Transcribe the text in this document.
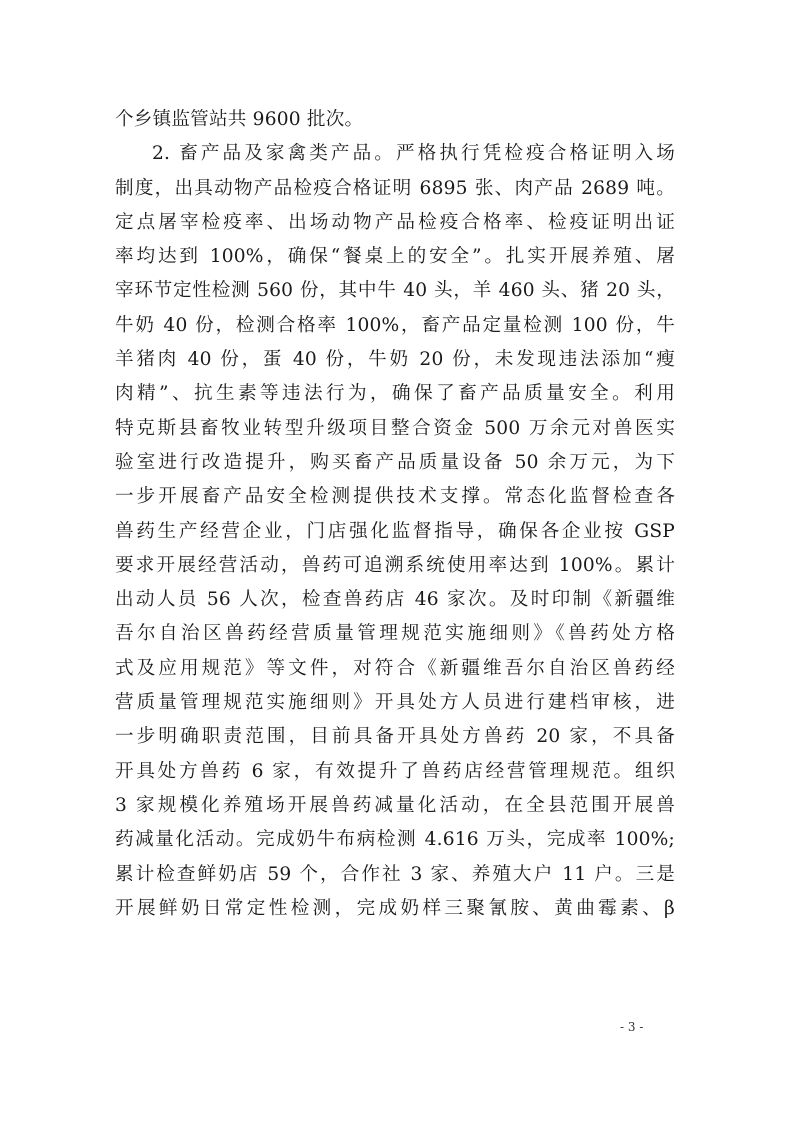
个乡镇监管站共 9600 批次。
2. 畜产品及家禽类产品。严格执行凭检疫合格证明入场
制度，出具动物产品检疫合格证明 6895 张、肉产品 2689 吨。
定点屠宰检疫率、出场动物产品检疫合格率、检疫证明出证
率均达到 100%，确保“餐桌上的安全”。扎实开展养殖、屠
宰环节定性检测 560 份，其中牛 40 头，羊 460 头、猪 20 头，
牛奶 40 份，检测合格率 100%，畜产品定量检测 100 份，牛
羊猪肉 40 份，蛋 40 份，牛奶 20 份，未发现违法添加“瘦
肉精”、抗生素等违法行为，确保了畜产品质量安全。利用
特克斯县畜牧业转型升级项目整合资金 500 万余元对兽医实
验室进行改造提升，购买畜产品质量设备 50 余万元，为下
一步开展畜产品安全检测提供技术支撑。常态化监督检查各
兽药生产经营企业，门店强化监督指导，确保各企业按 GSP
要求开展经营活动，兽药可追溯系统使用率达到 100%。累计
出动人员 56 人次，检查兽药店 46 家次。及时印制《新疆维
吾尔自治区兽药经营质量管理规范实施细则》《兽药处方格
式及应用规范》等文件，对符合《新疆维吾尔自治区兽药经
营质量管理规范实施细则》开具处方人员进行建档审核，进
一步明确职责范围，目前具备开具处方兽药 20 家，不具备
开具处方兽药 6 家，有效提升了兽药店经营管理规范。组织
3 家规模化养殖场开展兽药减量化活动，在全县范围开展兽
药减量化活动。完成奶牛布病检测 4.616 万头，完成率 100%;
累计检查鲜奶店 59 个，合作社 3 家、养殖大户 11 户。三是
开展鲜奶日常定性检测，完成奶样三聚氰胺、黄曲霉素、β
- 3 -
